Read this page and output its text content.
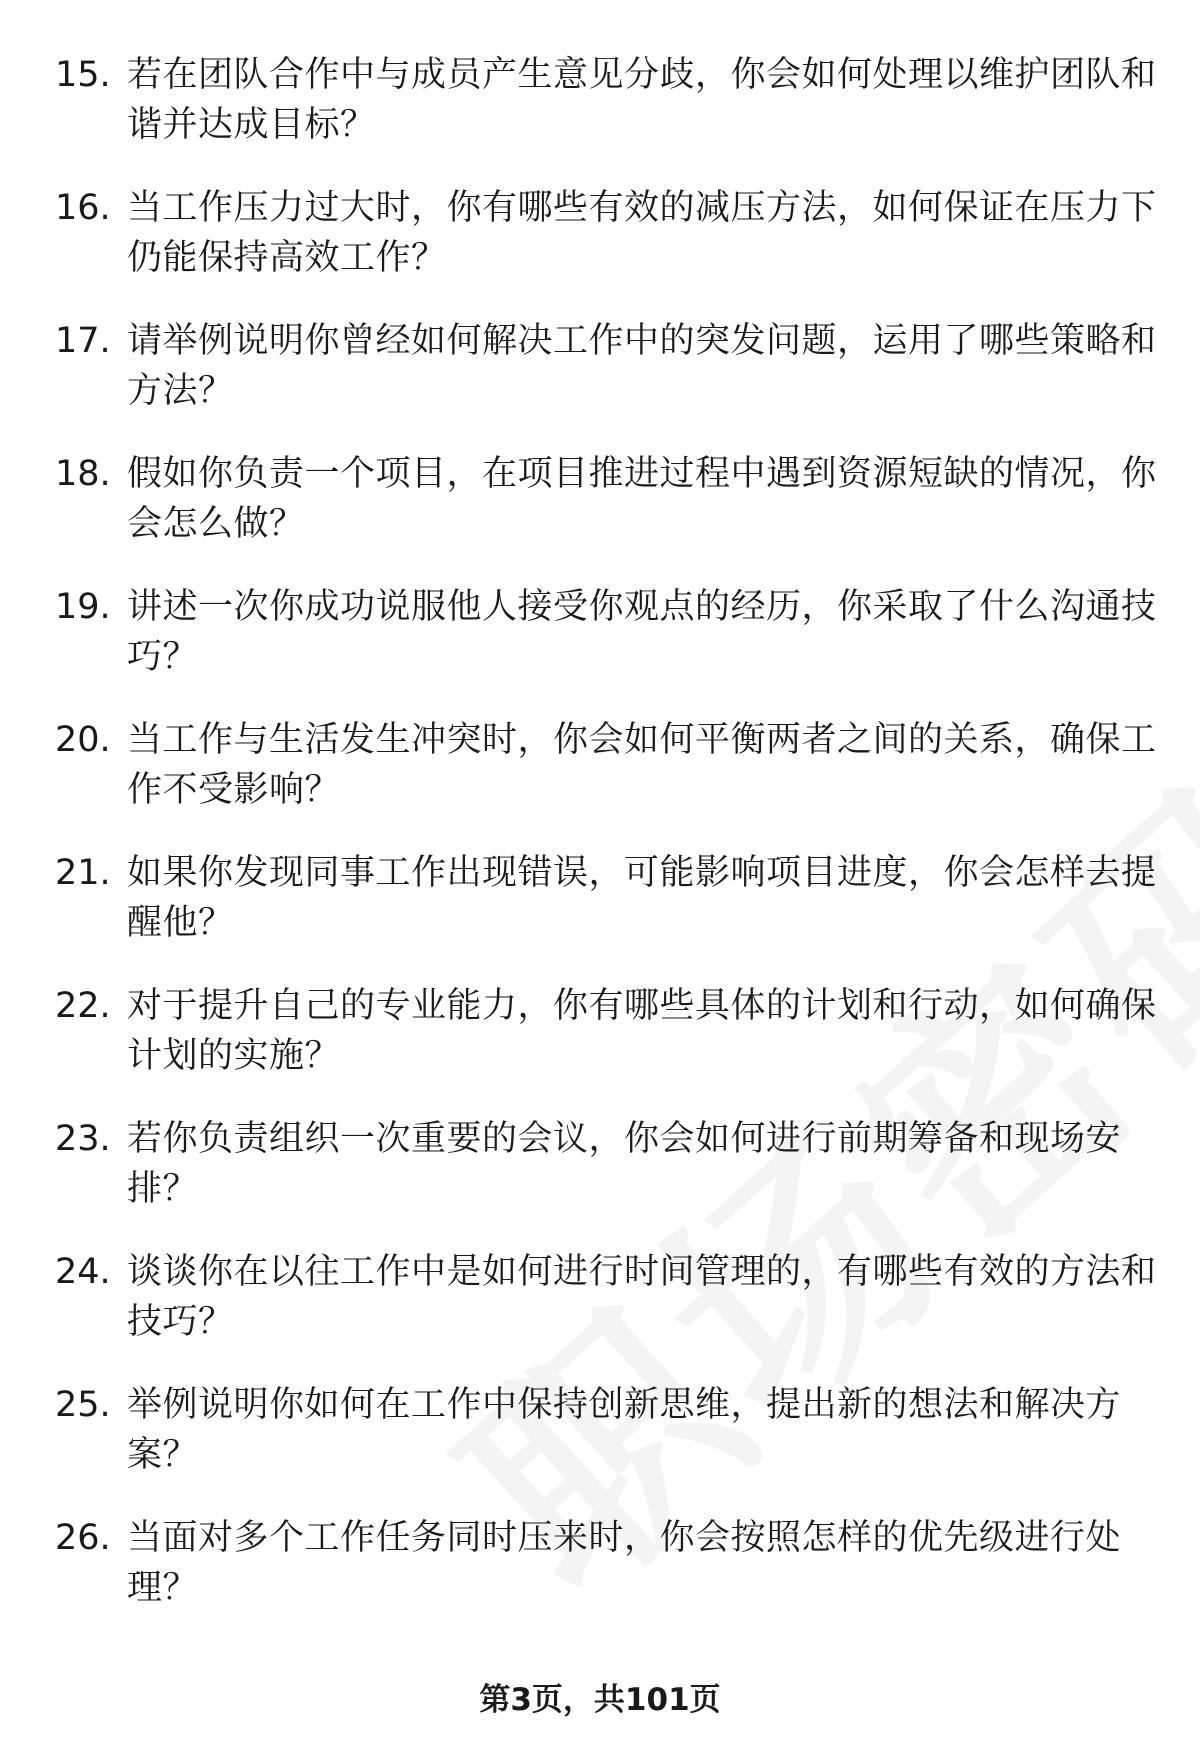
15. 若在团队合作中与成员产生意见分歧，你会如何处理以维护团队和谐并达成目标？
16. 当工作压力过大时，你有哪些有效的减压方法，如何保证在压力下仍能保持高效工作？
17. 请举例说明你曾经如何解决工作中的突发问题，运用了哪些策略和方法？
18. 假如你负责一个项目，在项目推进过程中遇到资源短缺的情况，你会怎么做？
19. 讲述一次你成功说服他人接受你观点的经历，你采取了什么沟通技巧？
20. 当工作与生活发生冲突时，你会如何平衡两者之间的关系，确保工作不受影响？
21. 如果你发现同事工作出现错误，可能影响项目进度，你会怎样去提醒他？
22. 对于提升自己的专业能力，你有哪些具体的计划和行动，如何确保计划的实施？
23. 若你负责组织一次重要的会议，你会如何进行前期筹备和现场安排？
24. 谈谈你在以往工作中是如何进行时间管理的，有哪些有效的方法和技巧？
25. 举例说明你如何在工作中保持创新思维，提出新的想法和解决方案？
26. 当面对多个工作任务同时压来时，你会按照怎样的优先级进行处理？
第3页，共101页
